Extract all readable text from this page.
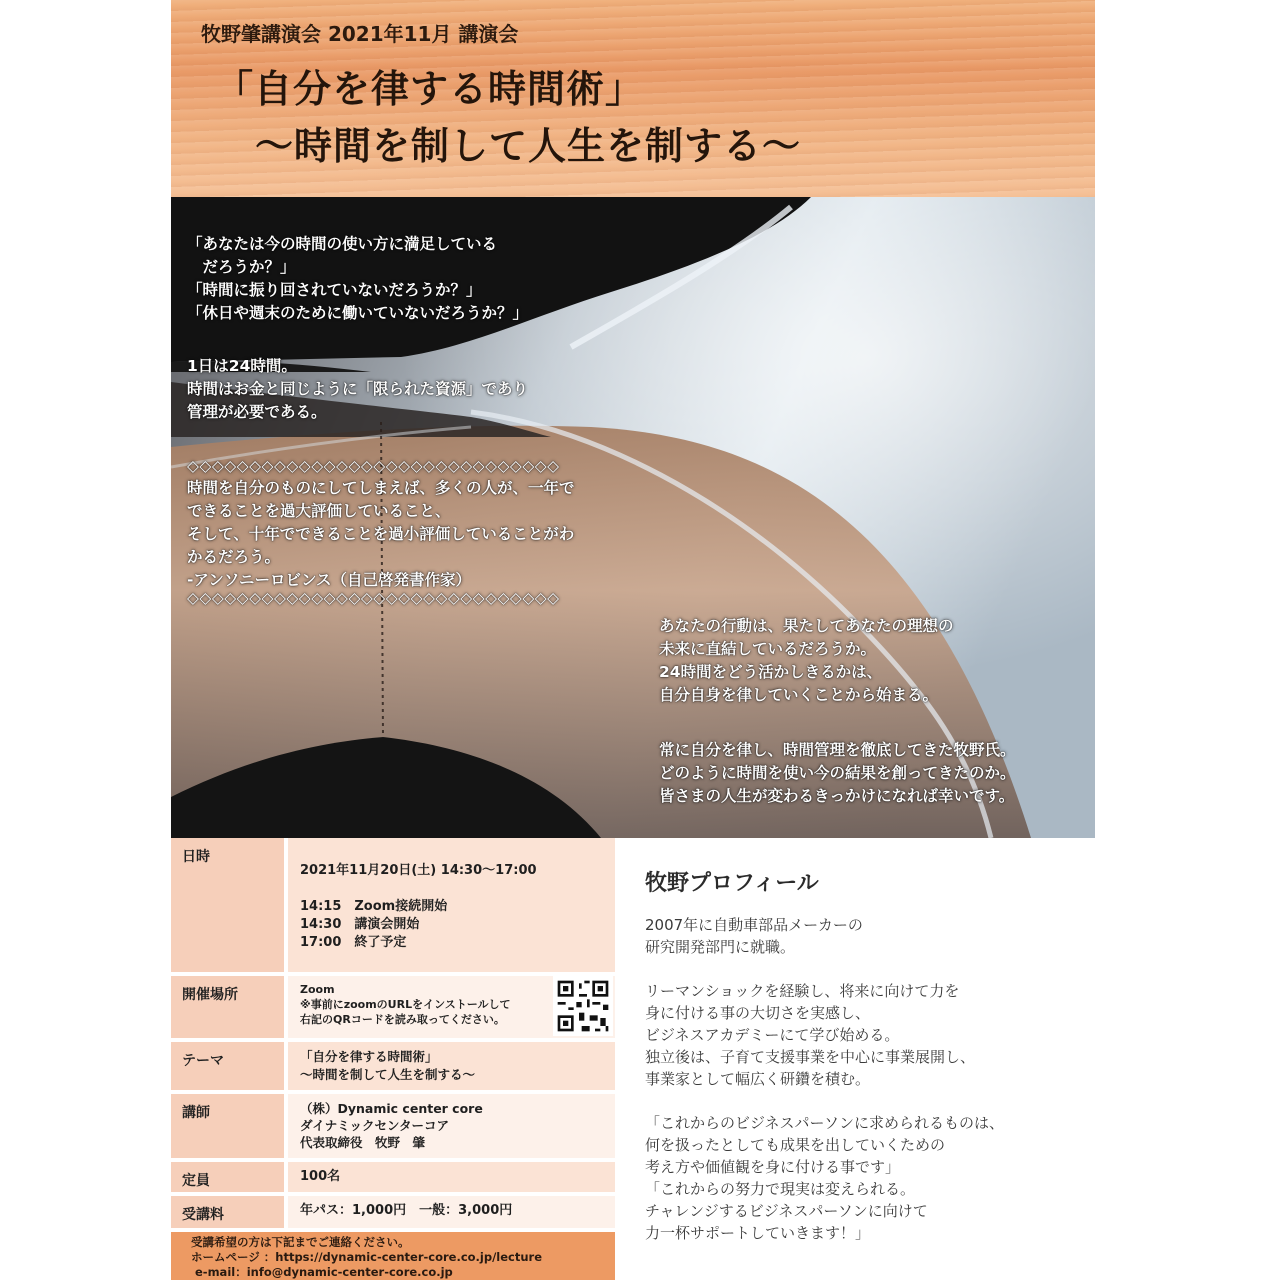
牧野肇講演会 2021年11月 講演会
「自分を律する時間術」
～時間を制して人生を制する～
「あなたは今の時間の使い方に満足している
　だろうか？」
「時間に振り回されていないだろうか？」
「休日や週末のために働いていないだろうか？」
1日は24時間。
時間はお金と同じように「限られた資源」であり
管理が必要である。
◇◇◇◇◇◇◇◇◇◇◇◇◇◇◇◇◇◇◇◇◇◇◇◇◇◇◇◇◇◇
時間を自分のものにしてしまえば、多くの人が、一年で
できることを過大評価していること、
そして、十年でできることを過小評価していることがわ
かるだろう。
-アンソニーロビンス（自己啓発書作家）
◇◇◇◇◇◇◇◇◇◇◇◇◇◇◇◇◇◇◇◇◇◇◇◇◇◇◇◇◇◇
あなたの行動は、果たしてあなたの理想の
未来に直結しているだろうか。
24時間をどう活かしきるかは、
自分自身を律していくことから始まる。
常に自分を律し、時間管理を徹底してきた牧野氏。
どのように時間を使い今の結果を創ってきたのか。
皆さまの人生が変わるきっかけになれば幸いです。
日時
2021年11月20日(土) 14:30～17:00

14:15　Zoom接続開始
14:30　講演会開始
17:00　終了予定
開催場所	Zoom
※事前にzoomのURLをインストールして
右記のQRコードを読み取ってください。
テーマ	「自分を律する時間術」
～時間を制して人生を制する～
講師	（株）Dynamic center core
ダイナミックセンターコア
代表取締役　牧野　肇
定員	100名
受講料	年パス：1,000円　一般：3,000円
受講希望の方は下記までご連絡ください。
ホームページ ：https://dynamic-center-core.co.jp/lecture
e-mail：info@dynamic-center-core.co.jp
牧野プロフィール
2007年に自動車部品メーカーの
研究開発部門に就職。

リーマンショックを経験し、将来に向けて力を
身に付ける事の大切さを実感し、
ビジネスアカデミーにて学び始める。
独立後は、子育て支援事業を中心に事業展開し、
事業家として幅広く研鑽を積む。

「これからのビジネスパーソンに求められるものは、
何を扱ったとしても成果を出していくための
考え方や価値観を身に付ける事です」
「これからの努力で現実は変えられる。
チャレンジするビジネスパーソンに向けて
力一杯サポートしていきます！」
